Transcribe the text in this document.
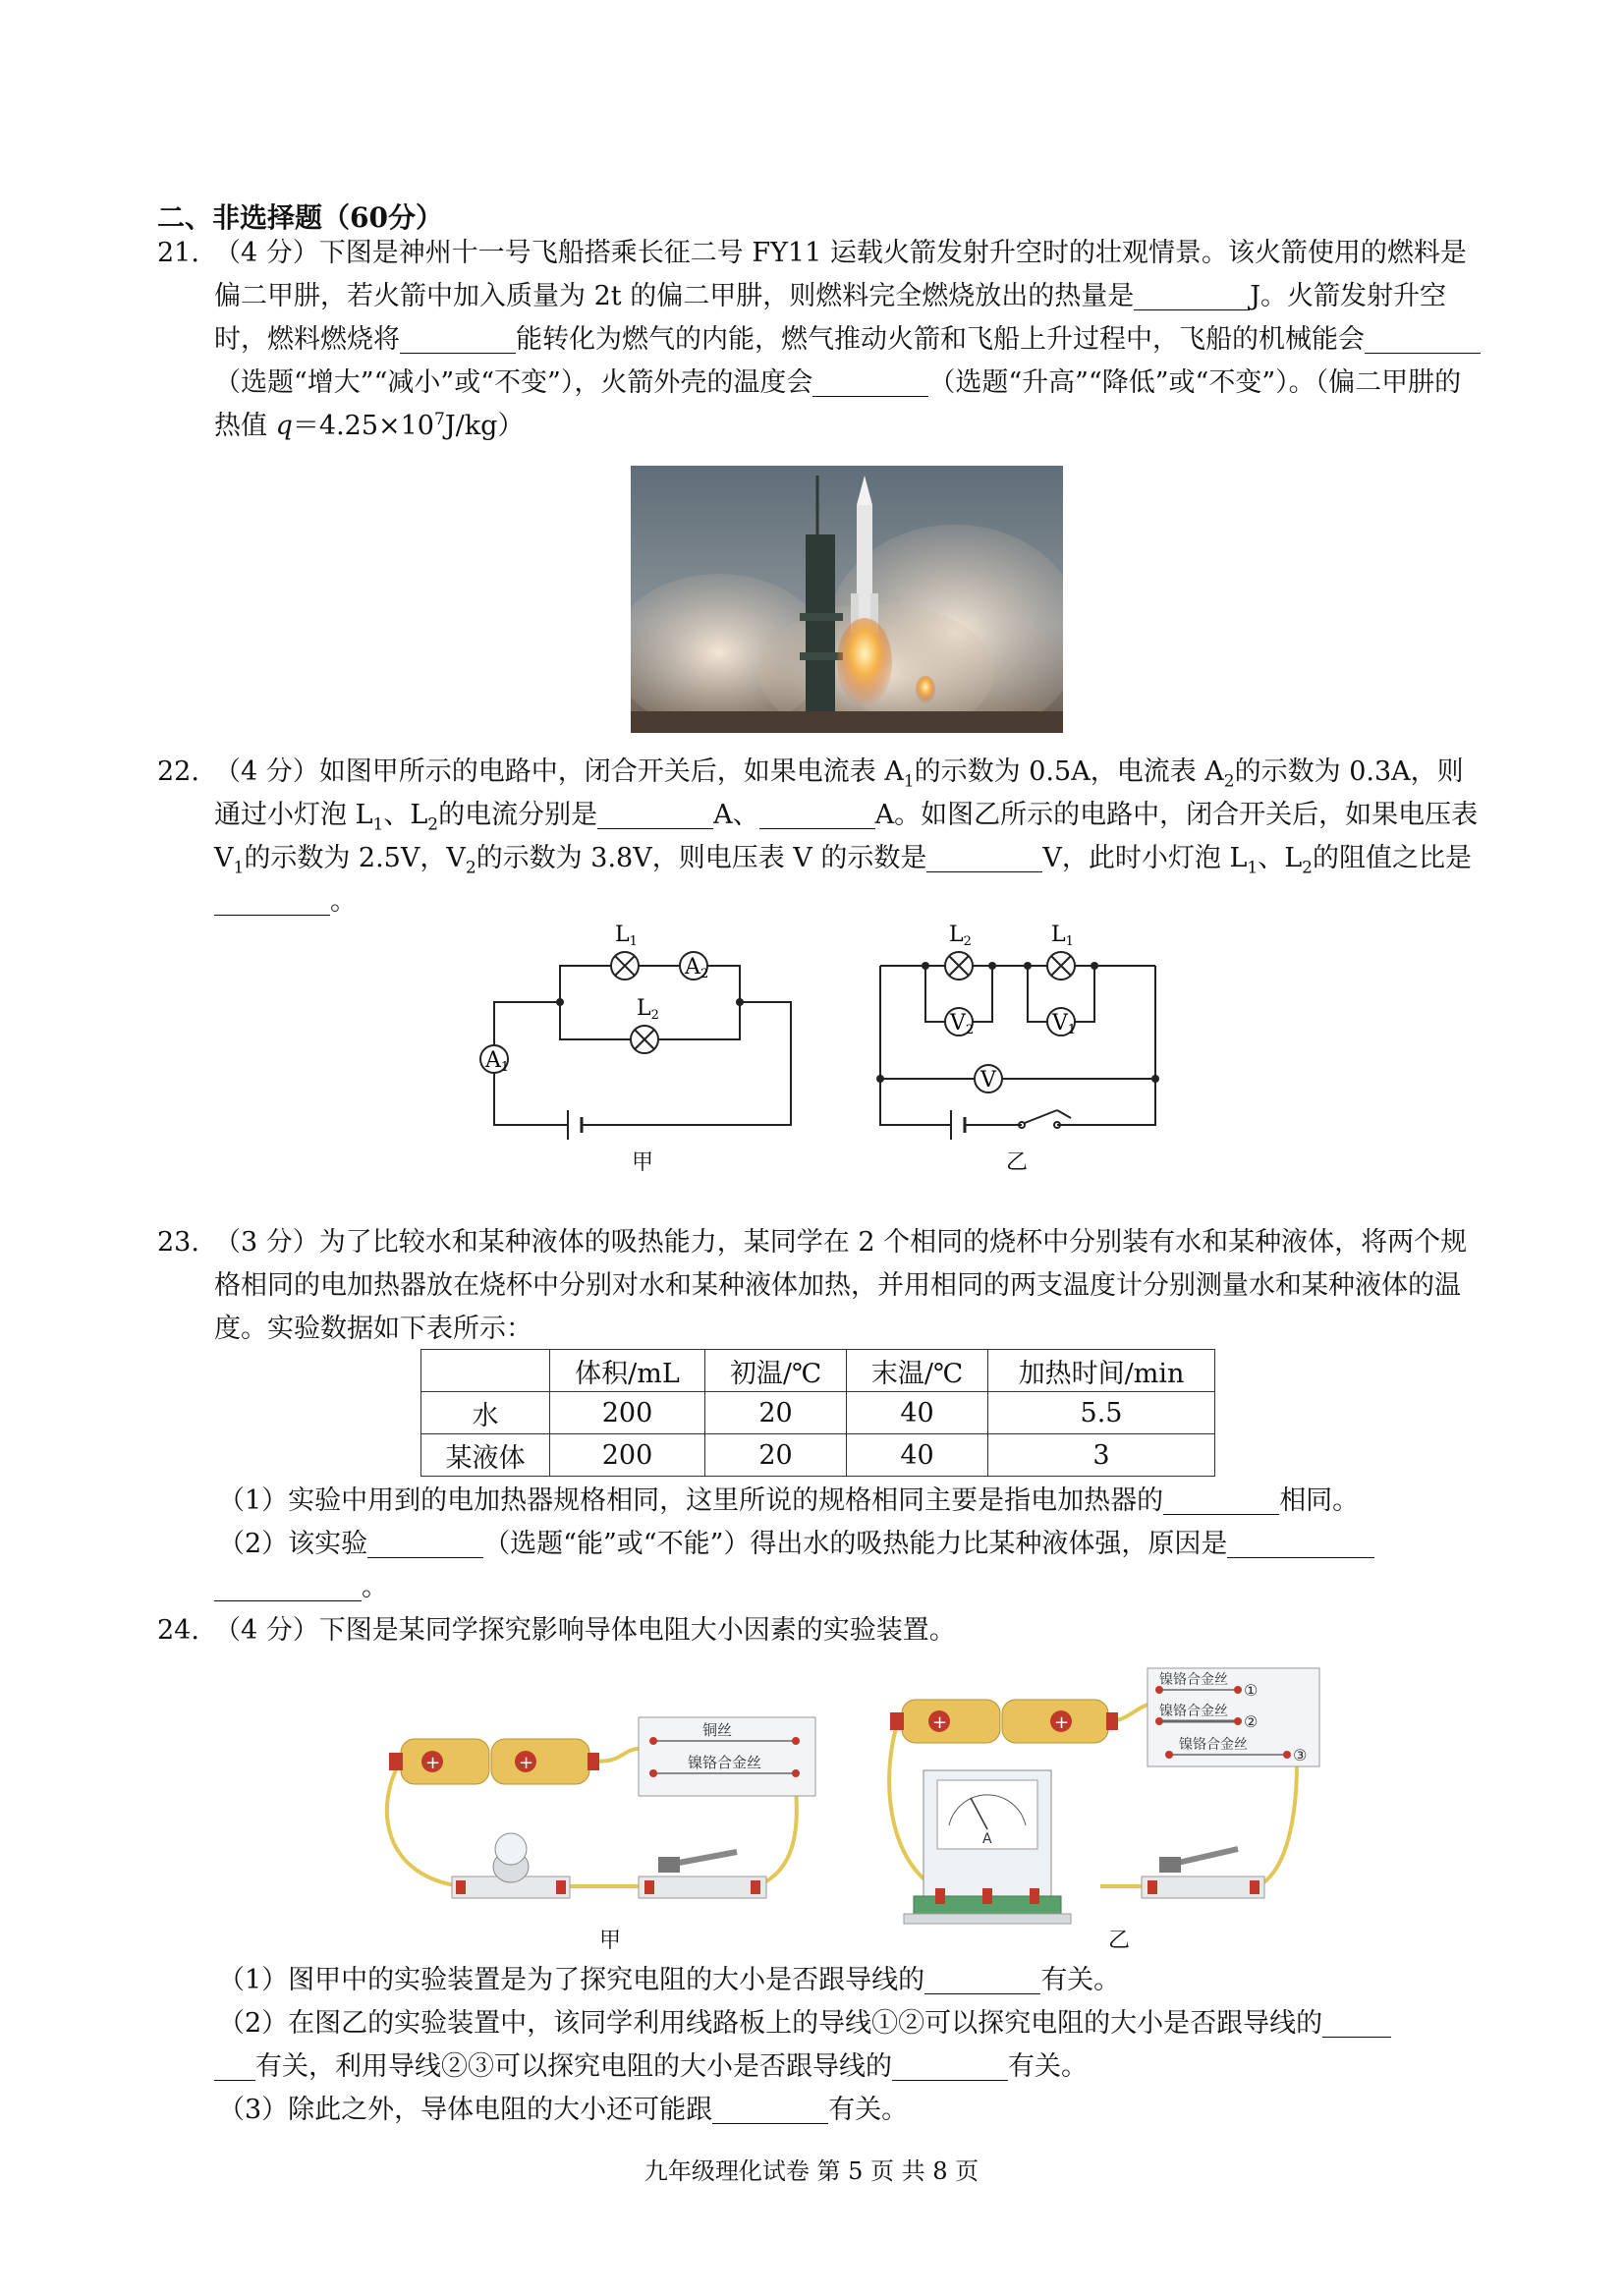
二、非选择题（60分）
21. （4 分）下图是神州十一号飞船搭乘长征二号 FY11 运载火箭发射升空时的壮观情景。该火箭使用的燃料是偏二甲肼，若火箭中加入质量为 2t 的偏二甲肼，则燃料完全燃烧放出的热量是	J。火箭发射升空时，燃料燃烧将	能转化为燃气的内能，燃气推动火箭和飞船上升过程中，飞船的机械能会（选题“增大”“减小”或“不变”），火箭外壳的温度会	（选题“升高”“降低”或“不变”）。（偏二甲肼的热值 $q=4.25\times 10^7J/kg$）
22. （4 分）如图甲所示的电路中，闭合开关后，如果电流表 $A_1$的示数为 0.5A，电流表 $A_2$的示数为 0.3A，则通过小灯泡 $L_1$、$L_2$的电流分别是	A、	A。如图乙所示的电路中，闭合开关后，如果电压表 $V_1$的示数为 2.5V，$V_2$的示数为 3.8V，则电压表 V 的示数是	V，此时小灯泡 $L_1$、$L_2$的阻值之比是。
L1
L2
A2
A1
甲
L2	L1
V2	V1
V
乙
23. （3 分）为了比较水和某种液体的吸热能力，某同学在 2 个相同的烧杯中分别装有水和某种液体，将两个规格相同的电加热器放在烧杯中分别对水和某种液体加热，并用相同的两支温度计分别测量水和某种液体的温度。实验数据如下表所示：
	体积/mL	初温/℃	末温/℃	加热时间/min
水	200	20	40	5.5
某液体	200	20	40	3
（1）实验中用到的电加热器规格相同，这里所说的规格相同主要是指电加热器的	相同。
（2）该实验	（选题“能”或“不能”）得出水的吸热能力比某种液体强，原因是
。
24. （4 分）下图是某同学探究影响导体电阻大小因素的实验装置。
+	+
铜丝
镍铬合金丝
甲
+	+
镍铬合金丝
镍铬合金丝
镍铬合金丝
①
②
③
A
乙
（1）图甲中的实验装置是为了探究电阻的大小是否跟导线的	有关。
（2）在图乙的实验装置中，该同学利用线路板上的导线①②可以探究电阻的大小是否跟导线的
有关，利用导线②③可以探究电阻的大小是否跟导线的	有关。
（3）除此之外，导体电阻的大小还可能跟	有关。
九年级理化试卷 第 5 页 共 8 页
